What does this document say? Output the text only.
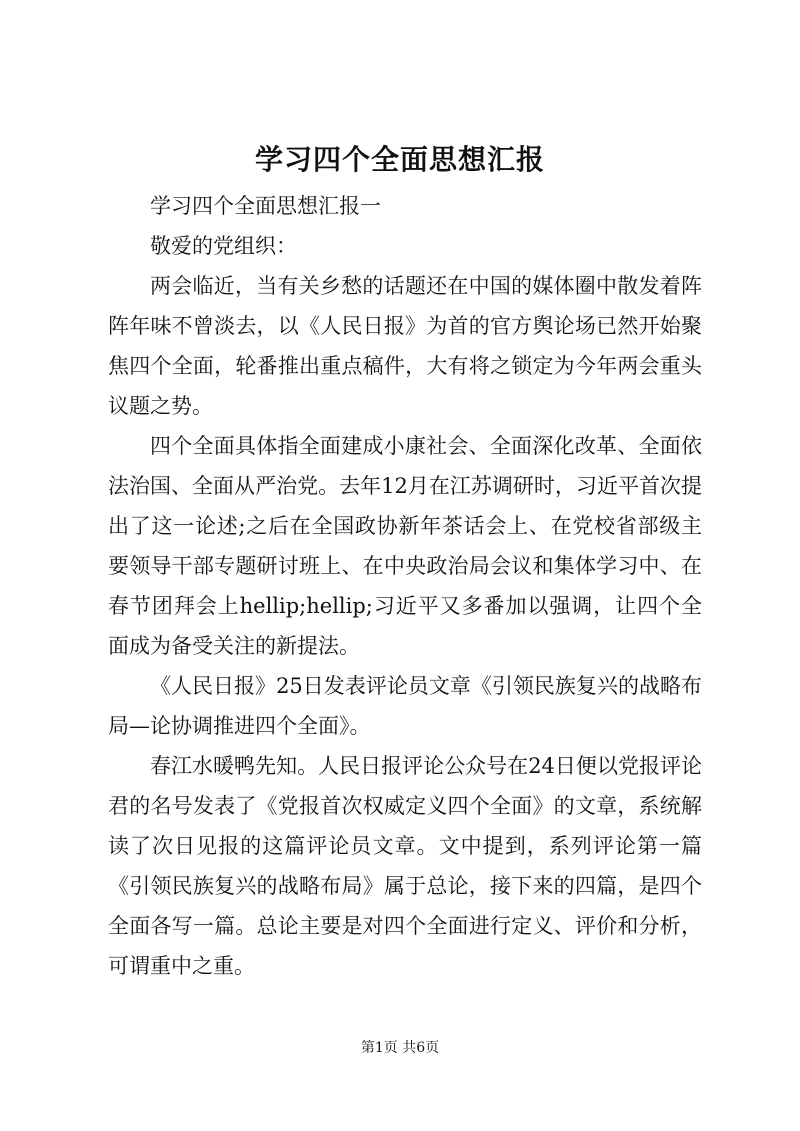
学习四个全面思想汇报

学习四个全面思想汇报一

敬爱的党组织：

两会临近，当有关乡愁的话题还在中国的媒体圈中散发着阵阵年味不曾淡去，以《人民日报》为首的官方舆论场已然开始聚焦四个全面，轮番推出重点稿件，大有将之锁定为今年两会重头议题之势。

四个全面具体指全面建成小康社会、全面深化改革、全面依法治国、全面从严治党。去年12月在江苏调研时，习近平首次提出了这一论述;之后在全国政协新年茶话会上、在党校省部级主要领导干部专题研讨班上、在中央政治局会议和集体学习中、在春节团拜会上hellip;hellip;习近平又多番加以强调，让四个全面成为备受关注的新提法。

《人民日报》25日发表评论员文章《引领民族复兴的战略布局—论协调推进四个全面》。

春江水暖鸭先知。人民日报评论公众号在24日便以党报评论君的名号发表了《党报首次权威定义四个全面》的文章，系统解读了次日见报的这篇评论员文章。文中提到，系列评论第一篇《引领民族复兴的战略布局》属于总论，接下来的四篇，是四个全面各写一篇。总论主要是对四个全面进行定义、评价和分析，可谓重中之重。

第1页 共6页
